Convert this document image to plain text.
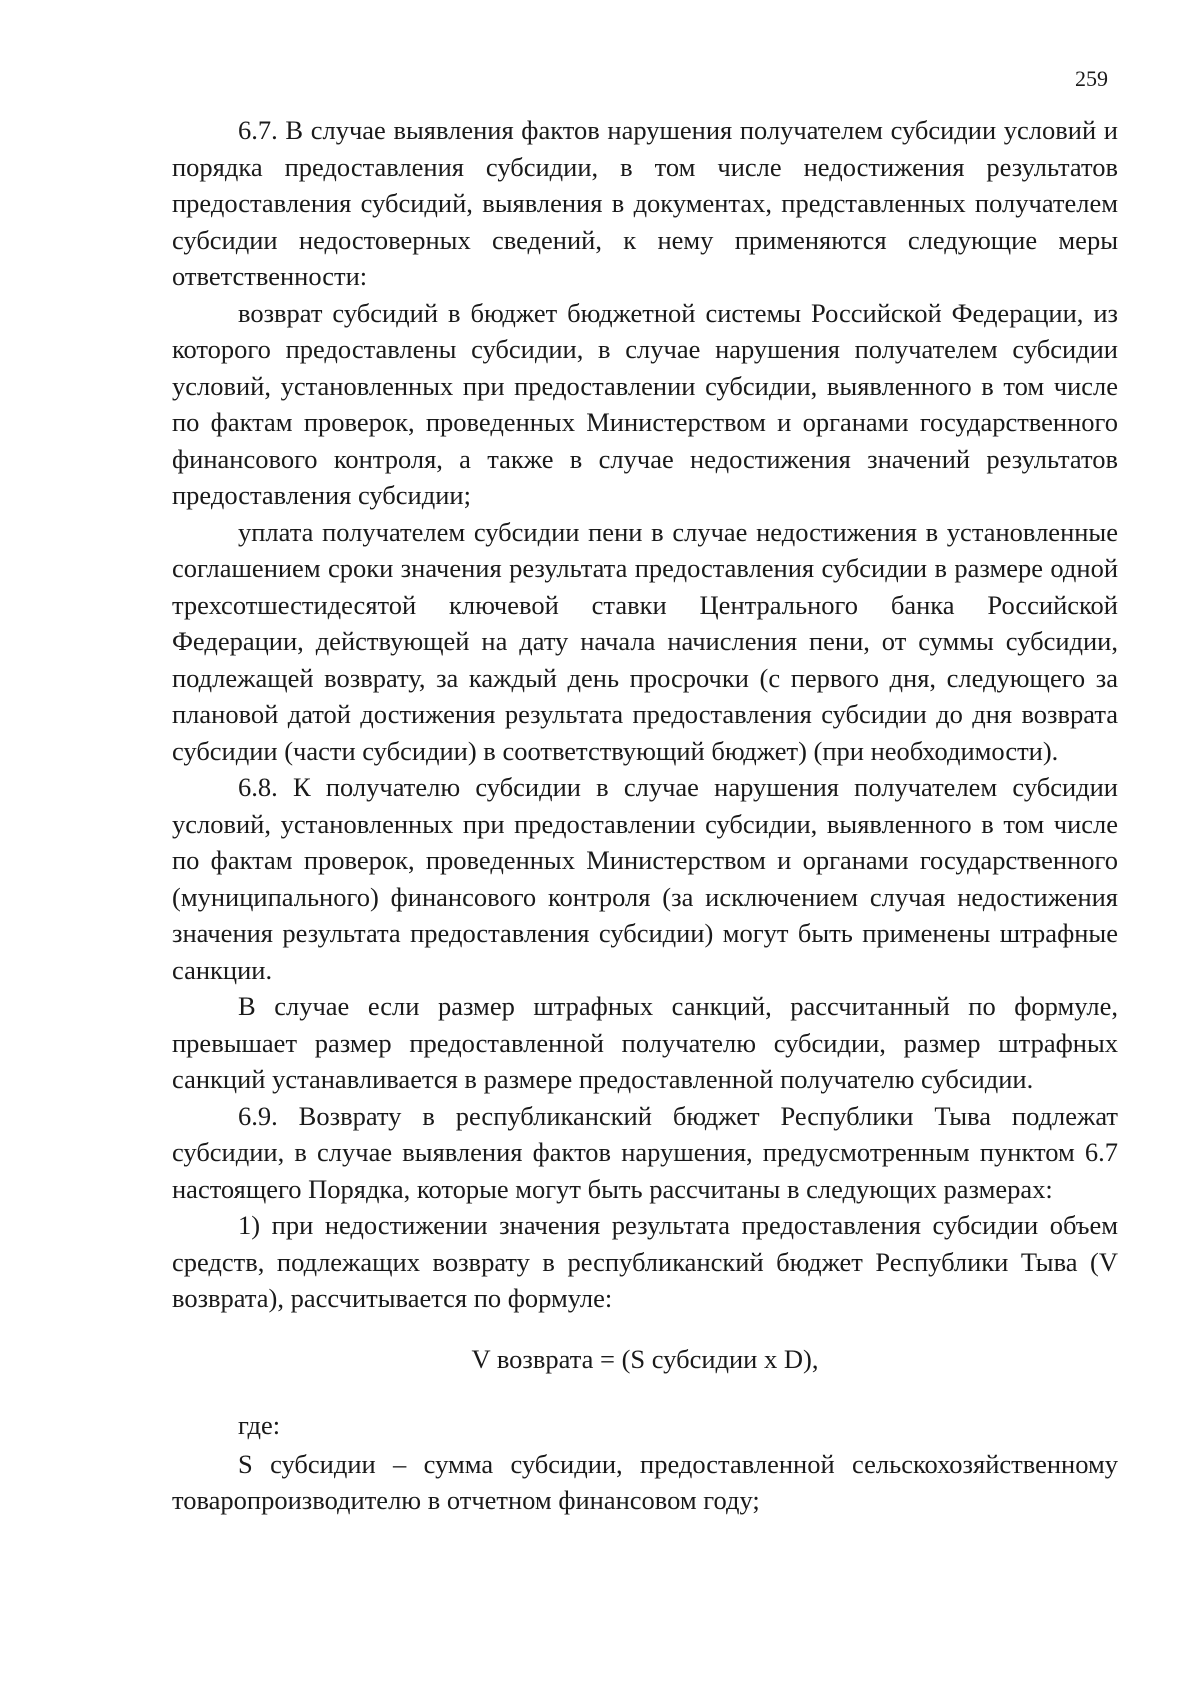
259

6.7. В случае выявления фактов нарушения получателем субсидии условий и порядка предоставления субсидии, в том числе недостижения результатов предоставления субсидий, выявления в документах, представленных получателем субсидии недостоверных сведений, к нему применяются следующие меры ответственности:

возврат субсидий в бюджет бюджетной системы Российской Федерации, из которого предоставлены субсидии, в случае нарушения получателем субсидии условий, установленных при предоставлении субсидии, выявленного в том числе по фактам проверок, проведенных Министерством и органами государственного финансового контроля, а также в случае недостижения значений результатов предоставления субсидии;

уплата получателем субсидии пени в случае недостижения в установленные соглашением сроки значения результата предоставления субсидии в размере одной трехсотшестидесятой ключевой ставки Центрального банка Российской Федерации, действующей на дату начала начисления пени, от суммы субсидии, подлежащей возврату, за каждый день просрочки (с первого дня, следующего за плановой датой достижения результата предоставления субсидии до дня возврата субсидии (части субсидии) в соответствующий бюджет) (при необходимости).

6.8. К получателю субсидии в случае нарушения получателем субсидии условий, установленных при предоставлении субсидии, выявленного в том числе по фактам проверок, проведенных Министерством и органами государственного (муниципального) финансового контроля (за исключением случая недостижения значения результата предоставления субсидии) могут быть применены штрафные санкции.

В случае если размер штрафных санкций, рассчитанный по формуле, превышает размер предоставленной получателю субсидии, размер штрафных санкций устанавливается в размере предоставленной получателю субсидии.

6.9. Возврату в республиканский бюджет Республики Тыва подлежат субсидии, в случае выявления фактов нарушения, предусмотренным пунктом 6.7 настоящего Порядка, которые могут быть рассчитаны в следующих размерах:

1) при недостижении значения результата предоставления субсидии объем средств, подлежащих возврату в республиканский бюджет Республики Тыва (V возврата), рассчитывается по формуле:

V возврата = (S субсидии x D),

где:

S субсидии – сумма субсидии, предоставленной сельскохозяйственному товаропроизводителю в отчетном финансовом году;
